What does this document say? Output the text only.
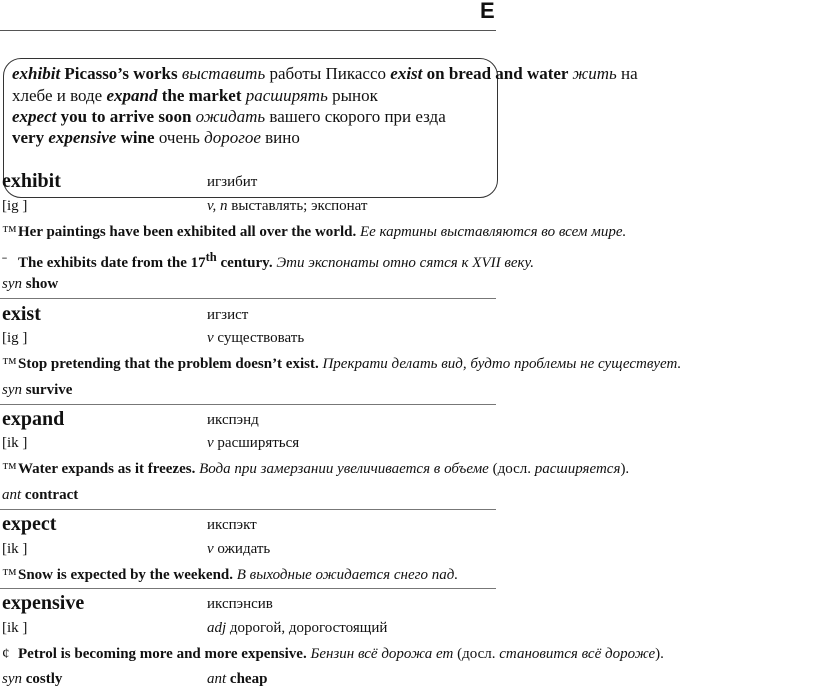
E
exhibit Picasso’s works выставить работы Пикассо exist on bread and water жить на
хлебе и воде expand the market расширять рынок
expect you to arrive soon ожидать вашего скорого при езда
very expensive wine очень дорогое вино
exhibit	игзибит
[ig ]	v, n выставлять; экспонат
™Her paintings have been exhibited all over the world. Ее картины выставляются во всем мире.
ˉ The exhibits date from the 17th century. Эти экспонаты отно сятся к XVII веку.
syn show
exist	игзист
[ig ]	v существовать
™Stop pretending that the problem doesn’t exist. Прекрати делать вид, будто проблемы не существует.
syn survive
expand	икспэнд
[ik ]	v расширяться
™Water expands as it freezes. Вода при замерзании увеличивается в объеме (досл. расширяется).
ant contract
expect	икспэкт
[ik ]	v ожидать
™Snow is expected by the weekend. В выходные ожидается снего пад.
expensive	икспэнсив
[ik ]	adj дорогой, дорогостоящий
¢ Petrol is becoming more and more expensive. Бензин всё дорожа ет (досл. становится всё дороже).
syn costly	ant cheap
